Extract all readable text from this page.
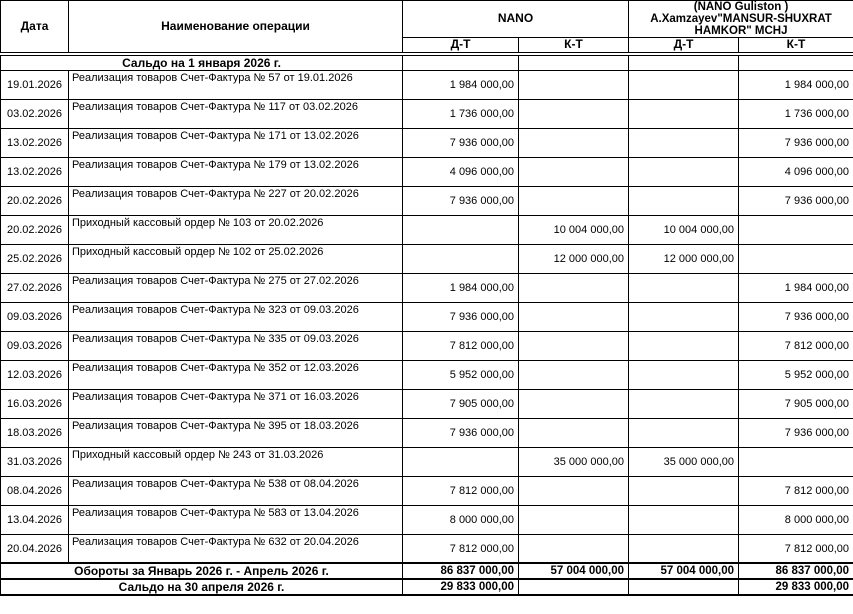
Дата	Наименование операции	NANO		(NANO Guliston )
A.Xamzayev"MANSUR-SHUXRAT
HAMKOR" MCHJ	

		Д-Т	К-Т	Д-Т	К-Т
Сальдо на 1 января 2026 г.					
19.01.2026	Реализация товаров Счет-Фактура № 57 от 19.01.2026	1 984 000,00			1 984 000,00
03.02.2026	Реализация товаров Счет-Фактура № 117 от 03.02.2026	1 736 000,00			1 736 000,00
13.02.2026	Реализация товаров Счет-Фактура № 171 от 13.02.2026	7 936 000,00			7 936 000,00
13.02.2026	Реализация товаров Счет-Фактура № 179 от 13.02.2026	4 096 000,00			4 096 000,00
20.02.2026	Реализация товаров Счет-Фактура № 227 от 20.02.2026	7 936 000,00			7 936 000,00
20.02.2026	Приходный кассовый ордер № 103 от 20.02.2026		10 004 000,00	10 004 000,00	
25.02.2026	Приходный кассовый ордер № 102 от 25.02.2026		12 000 000,00	12 000 000,00	
27.02.2026	Реализация товаров Счет-Фактура № 275 от 27.02.2026	1 984 000,00			1 984 000,00
09.03.2026	Реализация товаров Счет-Фактура № 323 от 09.03.2026	7 936 000,00			7 936 000,00
09.03.2026	Реализация товаров Счет-Фактура № 335 от 09.03.2026	7 812 000,00			7 812 000,00
12.03.2026	Реализация товаров Счет-Фактура № 352 от 12.03.2026	5 952 000,00			5 952 000,00
16.03.2026	Реализация товаров Счет-Фактура № 371 от 16.03.2026	7 905 000,00			7 905 000,00
18.03.2026	Реализация товаров Счет-Фактура № 395 от 18.03.2026	7 936 000,00			7 936 000,00
31.03.2026	Приходный кассовый ордер № 243 от 31.03.2026		35 000 000,00	35 000 000,00	
08.04.2026	Реализация товаров Счет-Фактура № 538 от 08.04.2026	7 812 000,00			7 812 000,00
13.04.2026	Реализация товаров Счет-Фактура № 583 от 13.04.2026	8 000 000,00			8 000 000,00
20.04.2026	Реализация товаров Счет-Фактура № 632 от 20.04.2026	7 812 000,00			7 812 000,00
Обороты за Январь 2026 г. - Апрель 2026 г.		86 837 000,00	57 004 000,00	57 004 000,00	86 837 000,00
Сальдо на 30 апреля 2026 г.		29 833 000,00			29 833 000,00
